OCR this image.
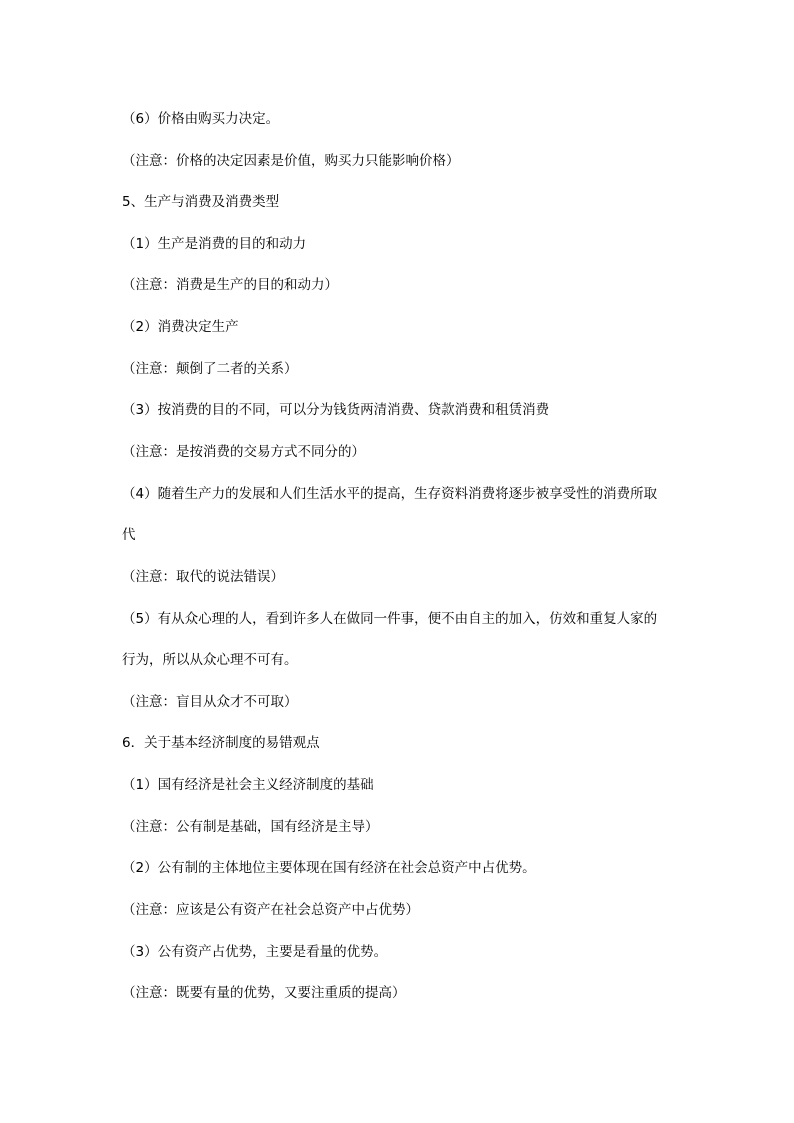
（6）价格由购买力决定。
（注意：价格的决定因素是价值，购买力只能影响价格）
5、生产与消费及消费类型
（1）生产是消费的目的和动力
（注意：消费是生产的目的和动力）
（2）消费决定生产
（注意：颠倒了二者的关系）
（3）按消费的目的不同，可以分为钱货两清消费、贷款消费和租赁消费
（注意：是按消费的交易方式不同分的）
（4）随着生产力的发展和人们生活水平的提高，生存资料消费将逐步被享受性的消费所取
代
（注意：取代的说法错误）
（5）有从众心理的人，看到许多人在做同一件事，便不由自主的加入，仿效和重复人家的
行为，所以从众心理不可有。
（注意：盲目从众才不可取）
6．关于基本经济制度的易错观点
（1）国有经济是社会主义经济制度的基础
（注意：公有制是基础，国有经济是主导）
（2）公有制的主体地位主要体现在国有经济在社会总资产中占优势。
（注意：应该是公有资产在社会总资产中占优势）
（3）公有资产占优势，主要是看量的优势。
（注意：既要有量的优势，又要注重质的提高）
